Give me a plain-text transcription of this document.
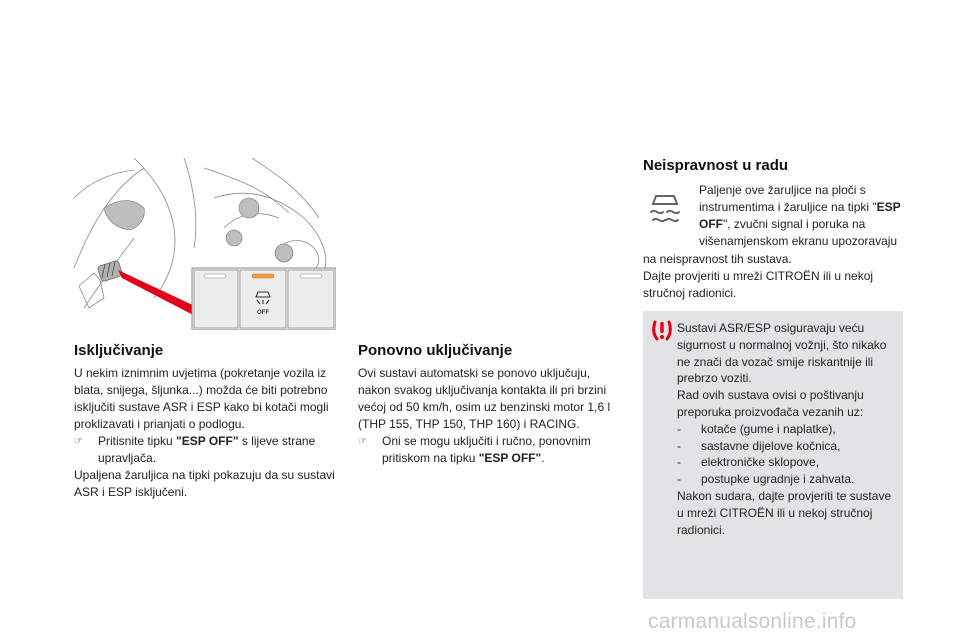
OFF
Isključivanje

U nekim iznimnim uvjetima (pokretanje vozila iz blata, snijega, šljunka...) možda će biti potrebno isključiti sustave ASR i ESP kako bi kotači mogli proklizavati i prianjati o podlogu.

☞ Pritisnite tipku "ESP OFF" s lijeve strane upravljača.

Upaljena žaruljica na tipki pokazuju da su sustavi ASR i ESP isključeni.

Ponovno uključivanje

Ovi sustavi automatski se ponovo uključuju, nakon svakog uključivanja kontakta ili pri brzini većoj od 50 km/h, osim uz benzinski motor 1,6 l (THP 155, THP 150, THP 160) i RACING.

☞ Oni se mogu uključiti i ručno, ponovnim pritiskom na tipku "ESP OFF".

Neispravnost u radu

Paljenje ove žaruljice na ploči s instrumentima i žaruljice na tipki "ESP OFF", zvučni signal i poruka na višenamjenskom ekranu upozoravaju

na neispravnost tih sustava.

Dajte provjeriti u mreži CITROËN ili u nekoj stručnoj radionici.

Sustavi ASR/ESP osiguravaju veću sigurnost u normalnoj vožnji, što nikako ne znači da vozač smije riskantnije ili prebrzo voziti.

Rad ovih sustava ovisi o poštivanju preporuka proizvođača vezanih uz:

- kotače (gume i naplatke),

- sastavne dijelove kočnica,

- elektroničke sklopove,

- postupke ugradnje i zahvata.

Nakon sudara, dajte provjeriti te sustave u mreži CITROËN ili u nekoj stručnoj radionici.

carmanualsonline.info
